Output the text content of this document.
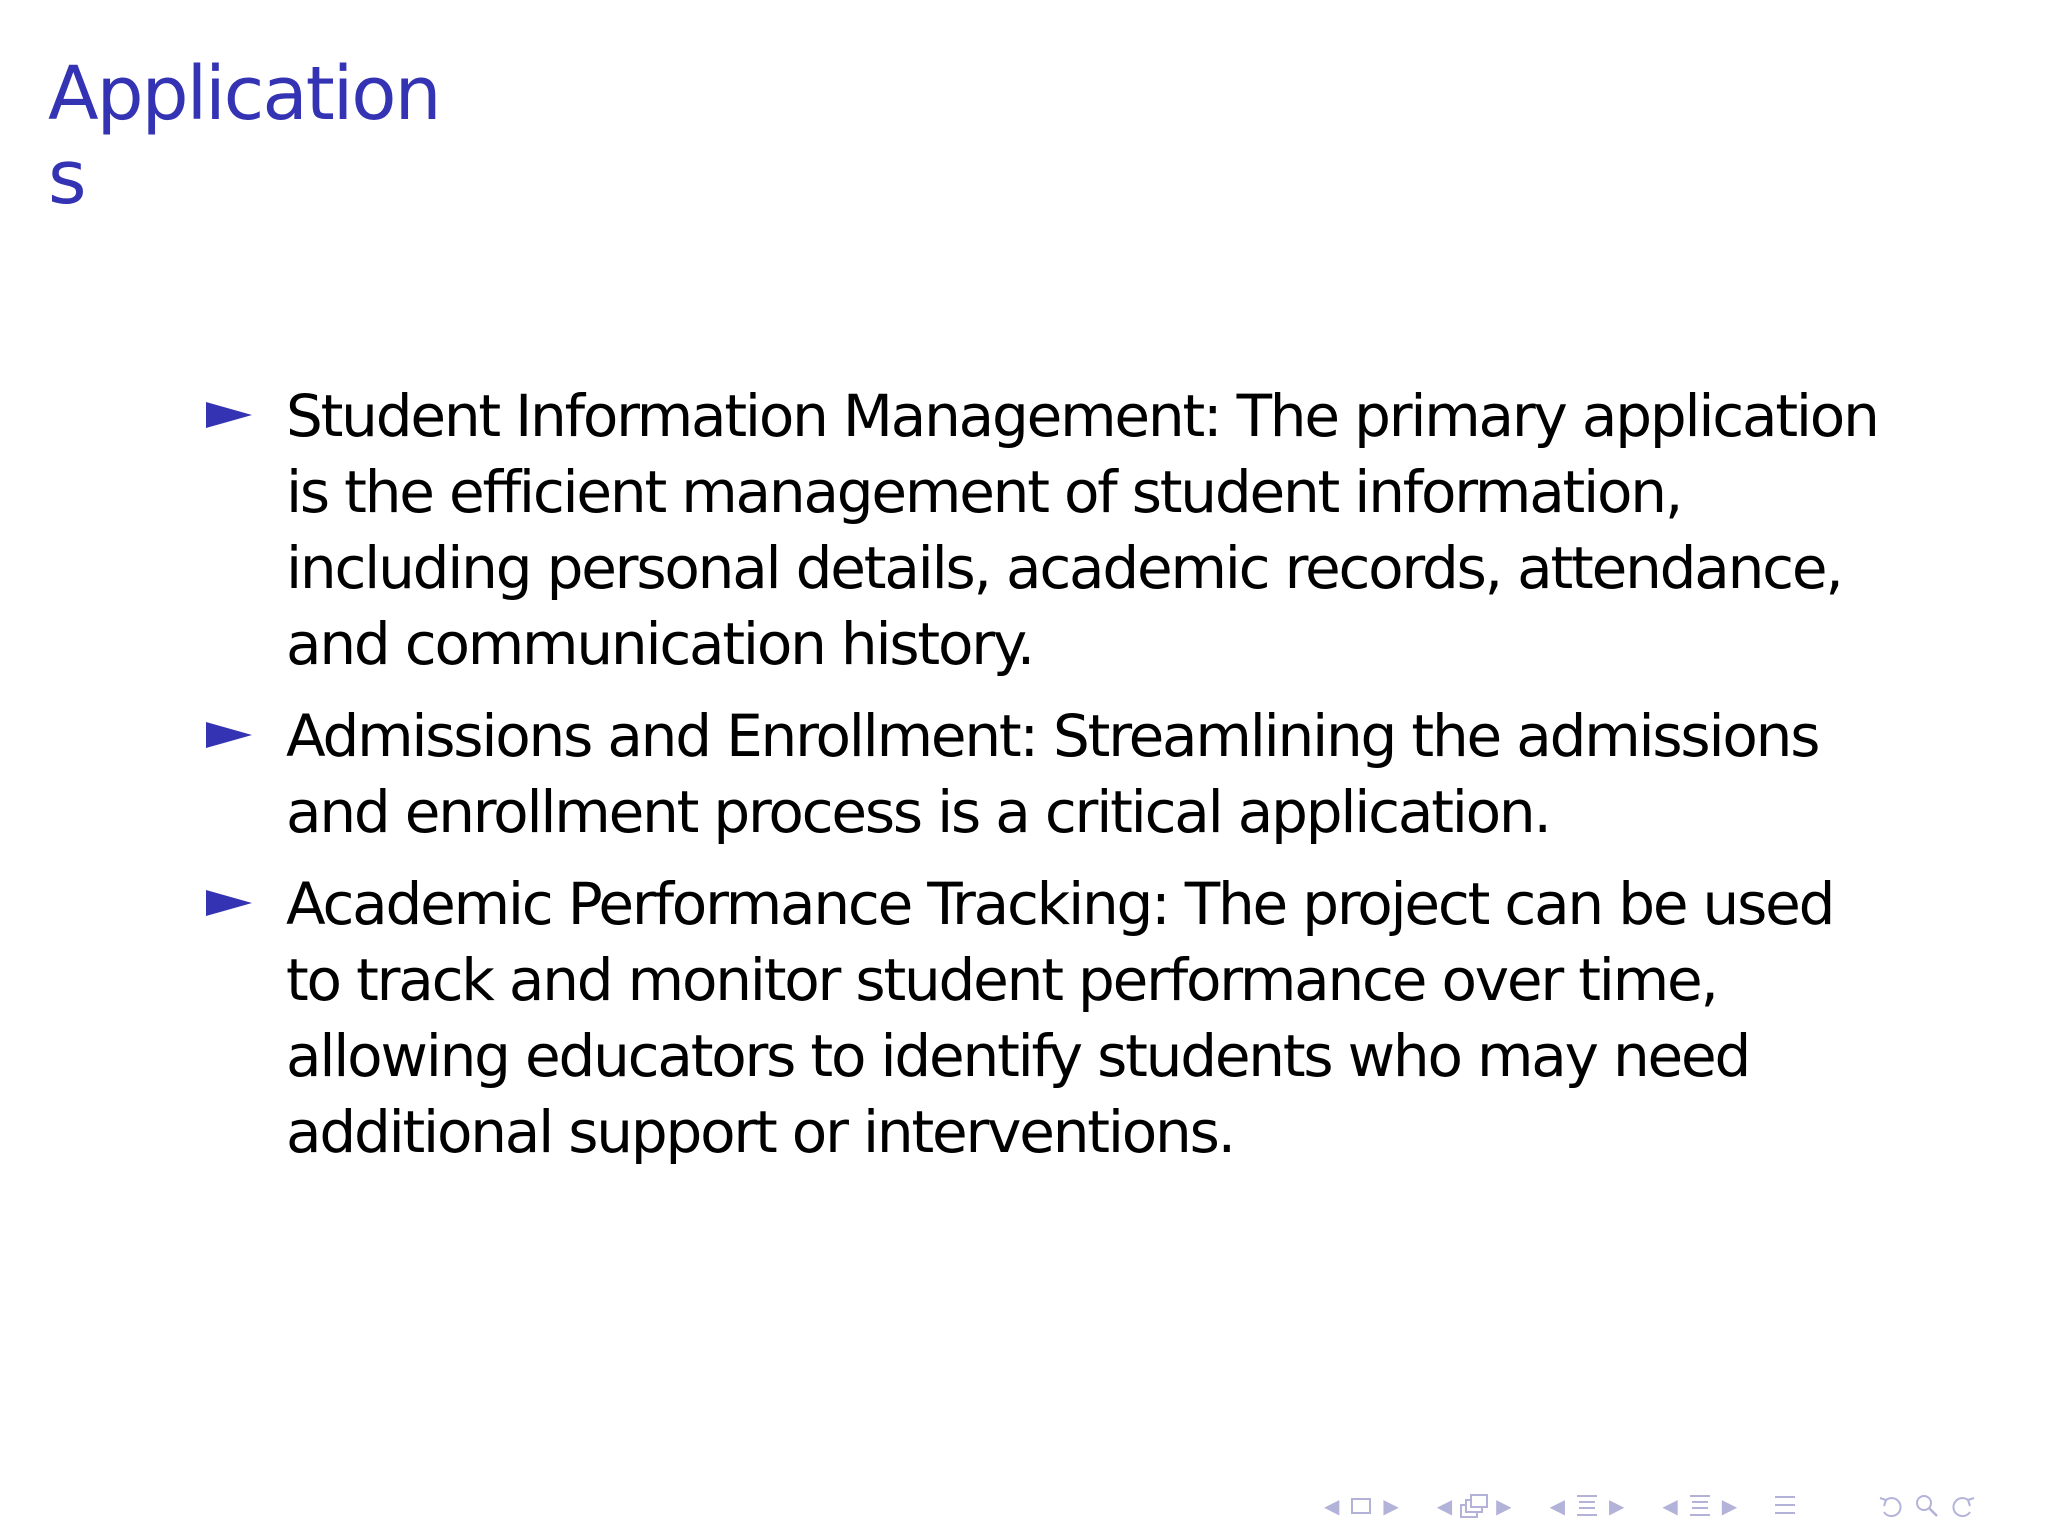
Applications
Student Information Management: The primary application is the efficient management of student information, including personal details, academic records, attendance, and communication history.
Admissions and Enrollment: Streamlining the admissions and enrollment process is a critical application.
Academic Performance Tracking: The project can be used to track and monitor student performance over time, allowing educators to identify students who may need additional support or interventions.
◀	▶	◀	▶	◀	▶	◀	▶
